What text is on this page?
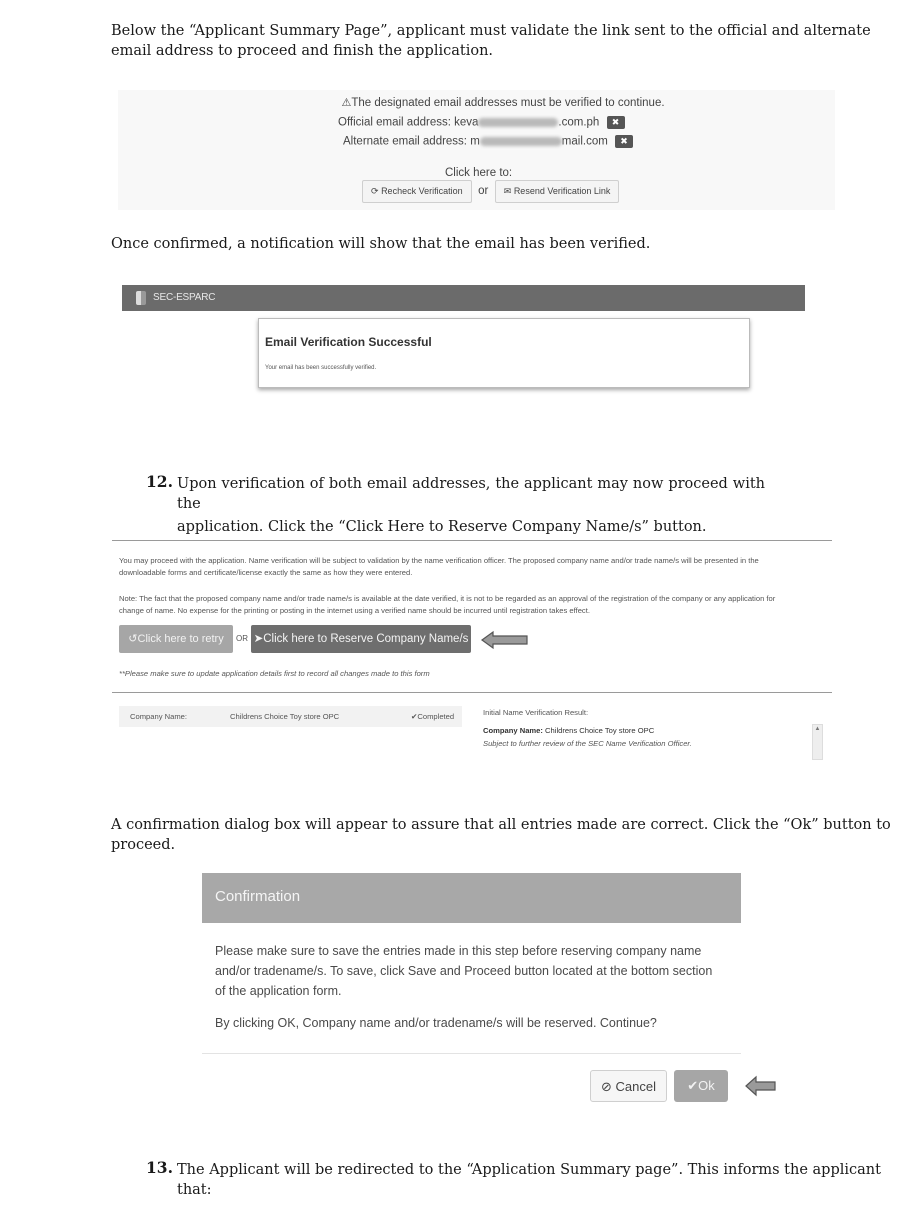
Below the “Applicant Summary Page”, applicant must validate the link sent to the official and alternate
email address to proceed and finish the application.
⚠The designated email addresses must be verified to continue.
Official email address: keva	.com.ph ✖
Alternate email address: m	mail.com ✖
Click here to:
⟳ Recheck Verification or ✉ Resend Verification Link
Once confirmed, a notification will show that the email has been verified.
SEC-ESPARC
Email Verification Successful
Your email has been successfully verified.
12. Upon verification of both email addresses, the applicant may now proceed with the
application. Click the “Click Here to Reserve Company Name/s” button.
You may proceed with the application. Name verification will be subject to validation by the name verification officer. The proposed company name and/or trade name/s will be presented in the
downloadable forms and certificate/license exactly the same as how they were entered.
Note: The fact that the proposed company name and/or trade name/s is available at the date verified, it is not to be regarded as an approval of the registration of the company or any application for
change of name. No expense for the printing or posting in the internet using a verified name should be incurred until registration takes effect.
↺Click here to retry	OR ➤Click here to Reserve Company Name/s
**Please make sure to update application details first to record all changes made to this form
Company Name:	Childrens Choice Toy store OPC	✔Completed	Initial Name Verification Result:
Company Name: Childrens Choice Toy store OPC
Subject to further review of the SEC Name Verification Officer.
▲
A confirmation dialog box will appear to assure that all entries made are correct. Click the “Ok” button to
proceed.
Confirmation
Please make sure to save the entries made in this step before reserving company name
and/or tradename/s. To save, click Save and Proceed button located at the bottom section
of the application form.
By clicking OK, Company name and/or tradename/s will be reserved. Continue?
⊘ Cancel	✔Ok
13. The Applicant will be redirected to the “Application Summary page”. This informs the applicant
that:
